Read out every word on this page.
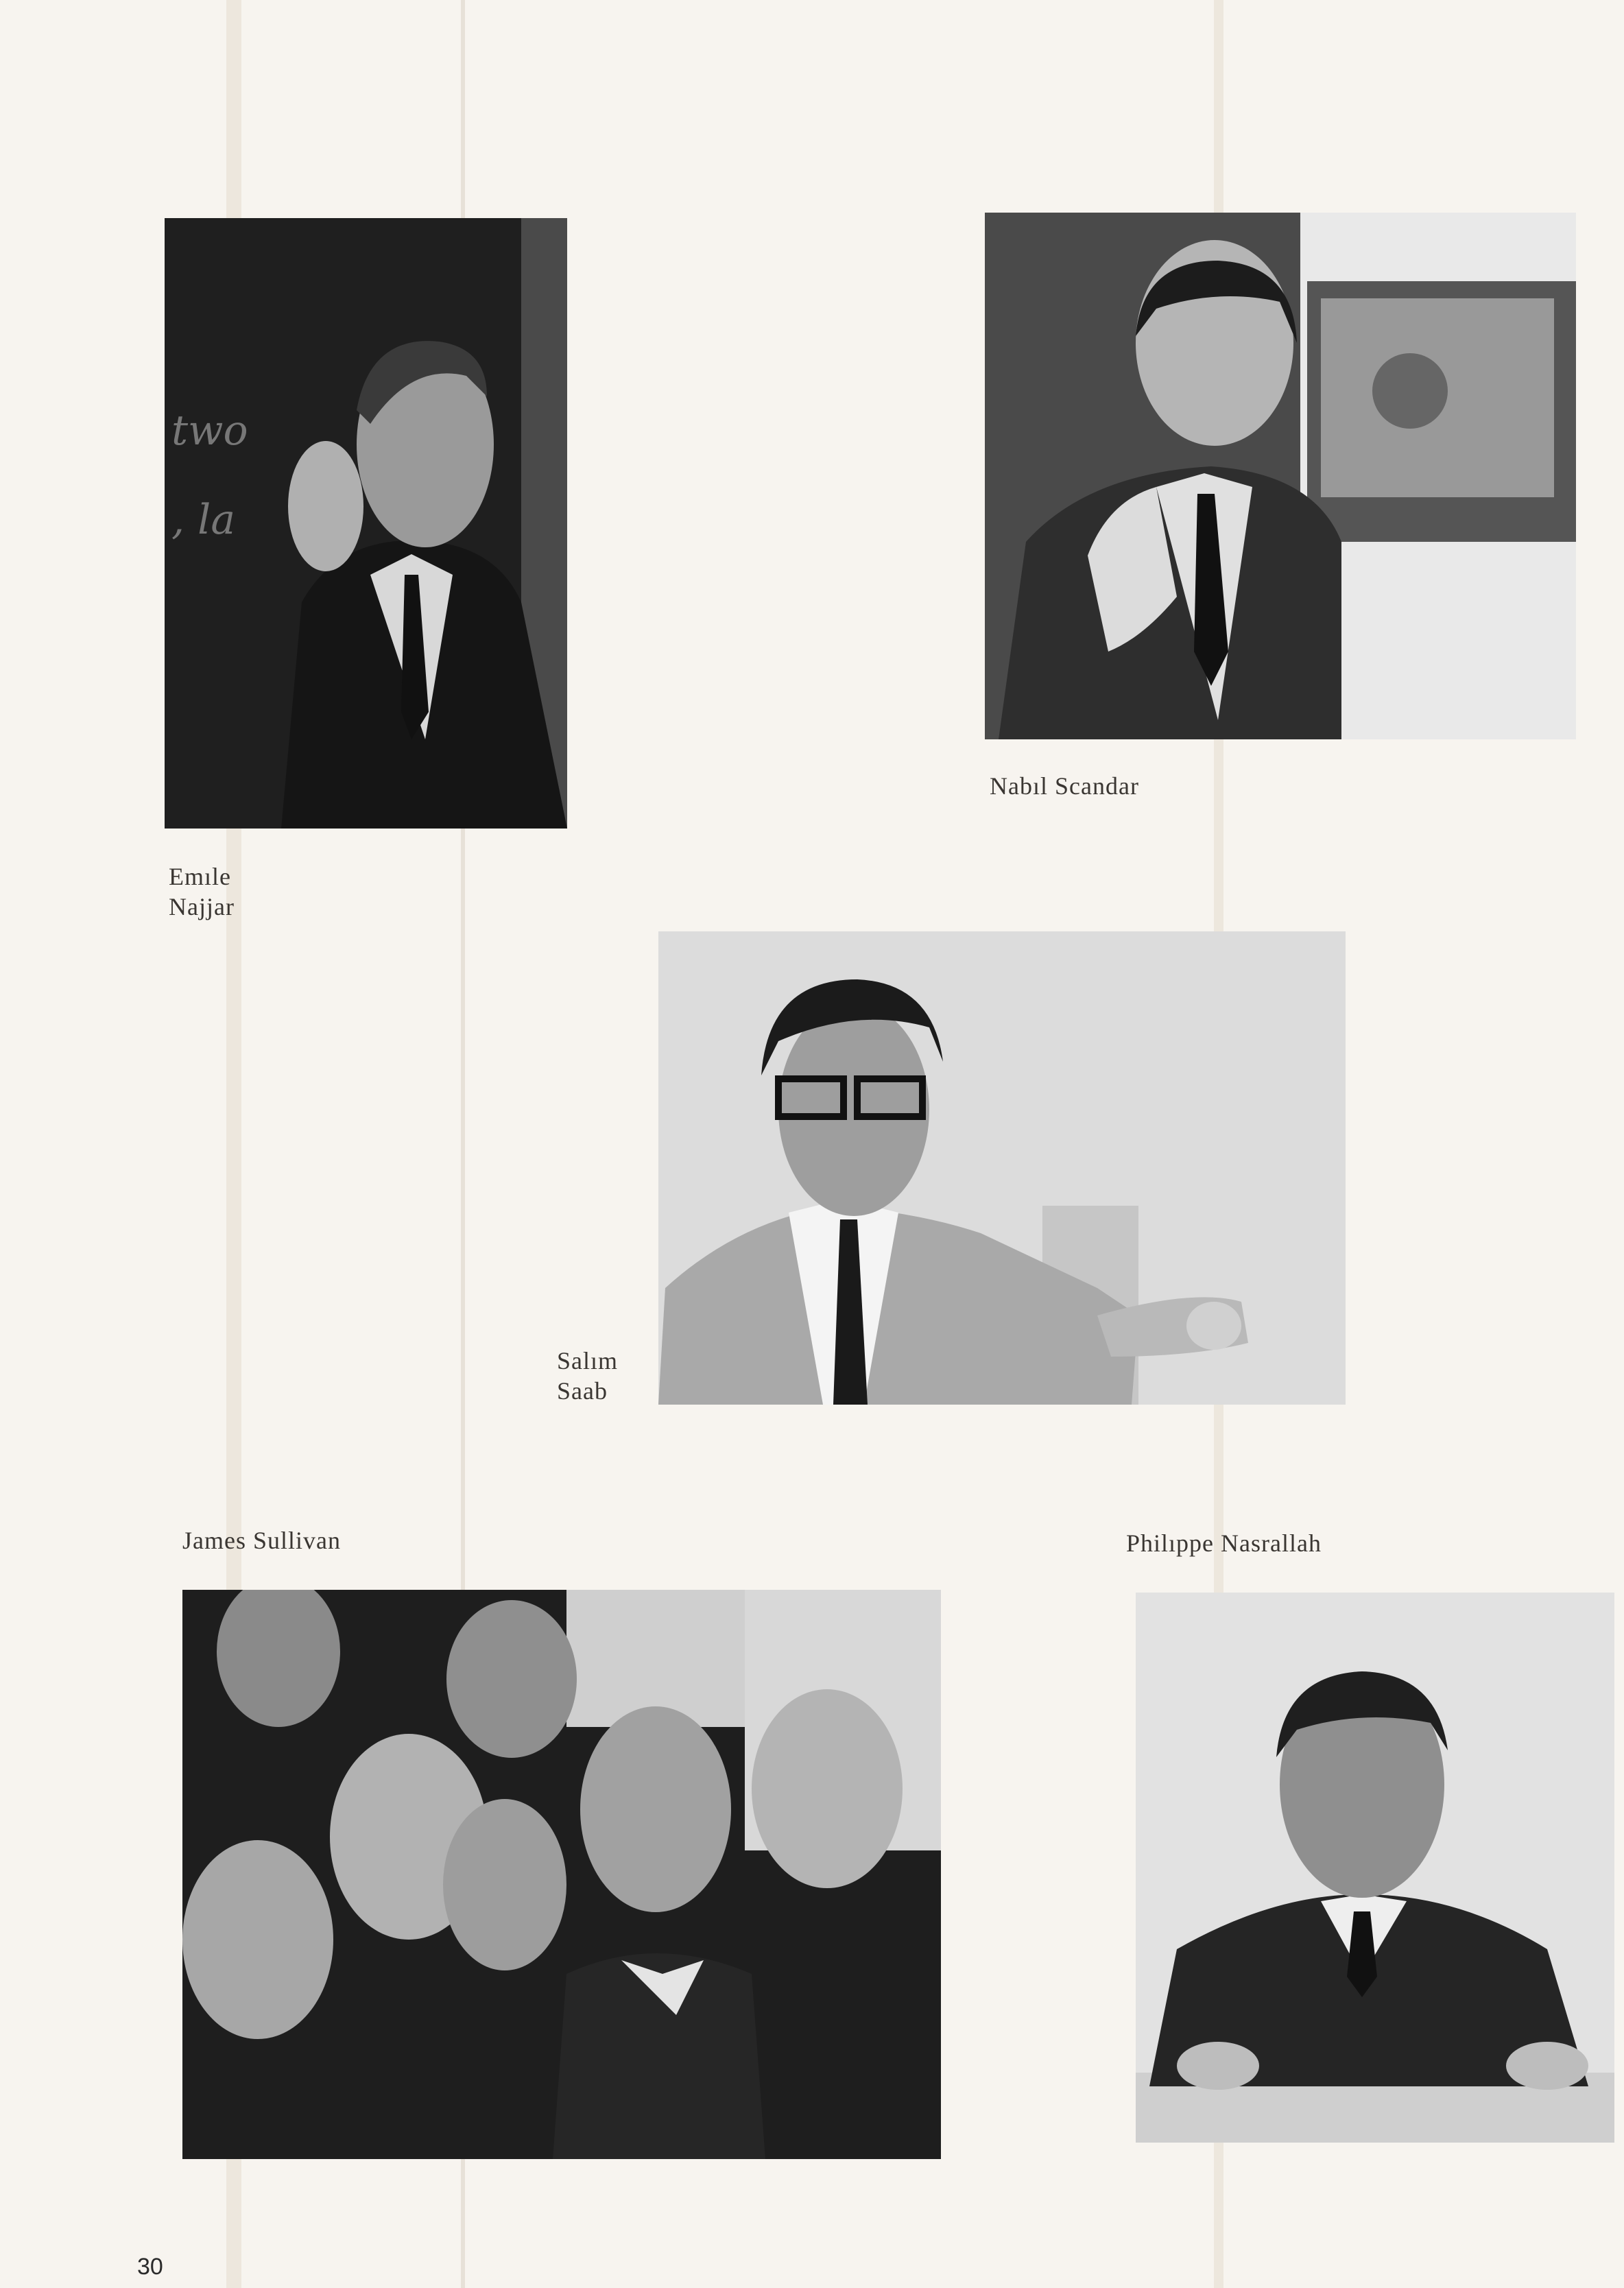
two
, la
Nabıl Scandar
Emıle
Najjar
Salım
Saab
James Sullivan	Philıppe Nasrallah
30
